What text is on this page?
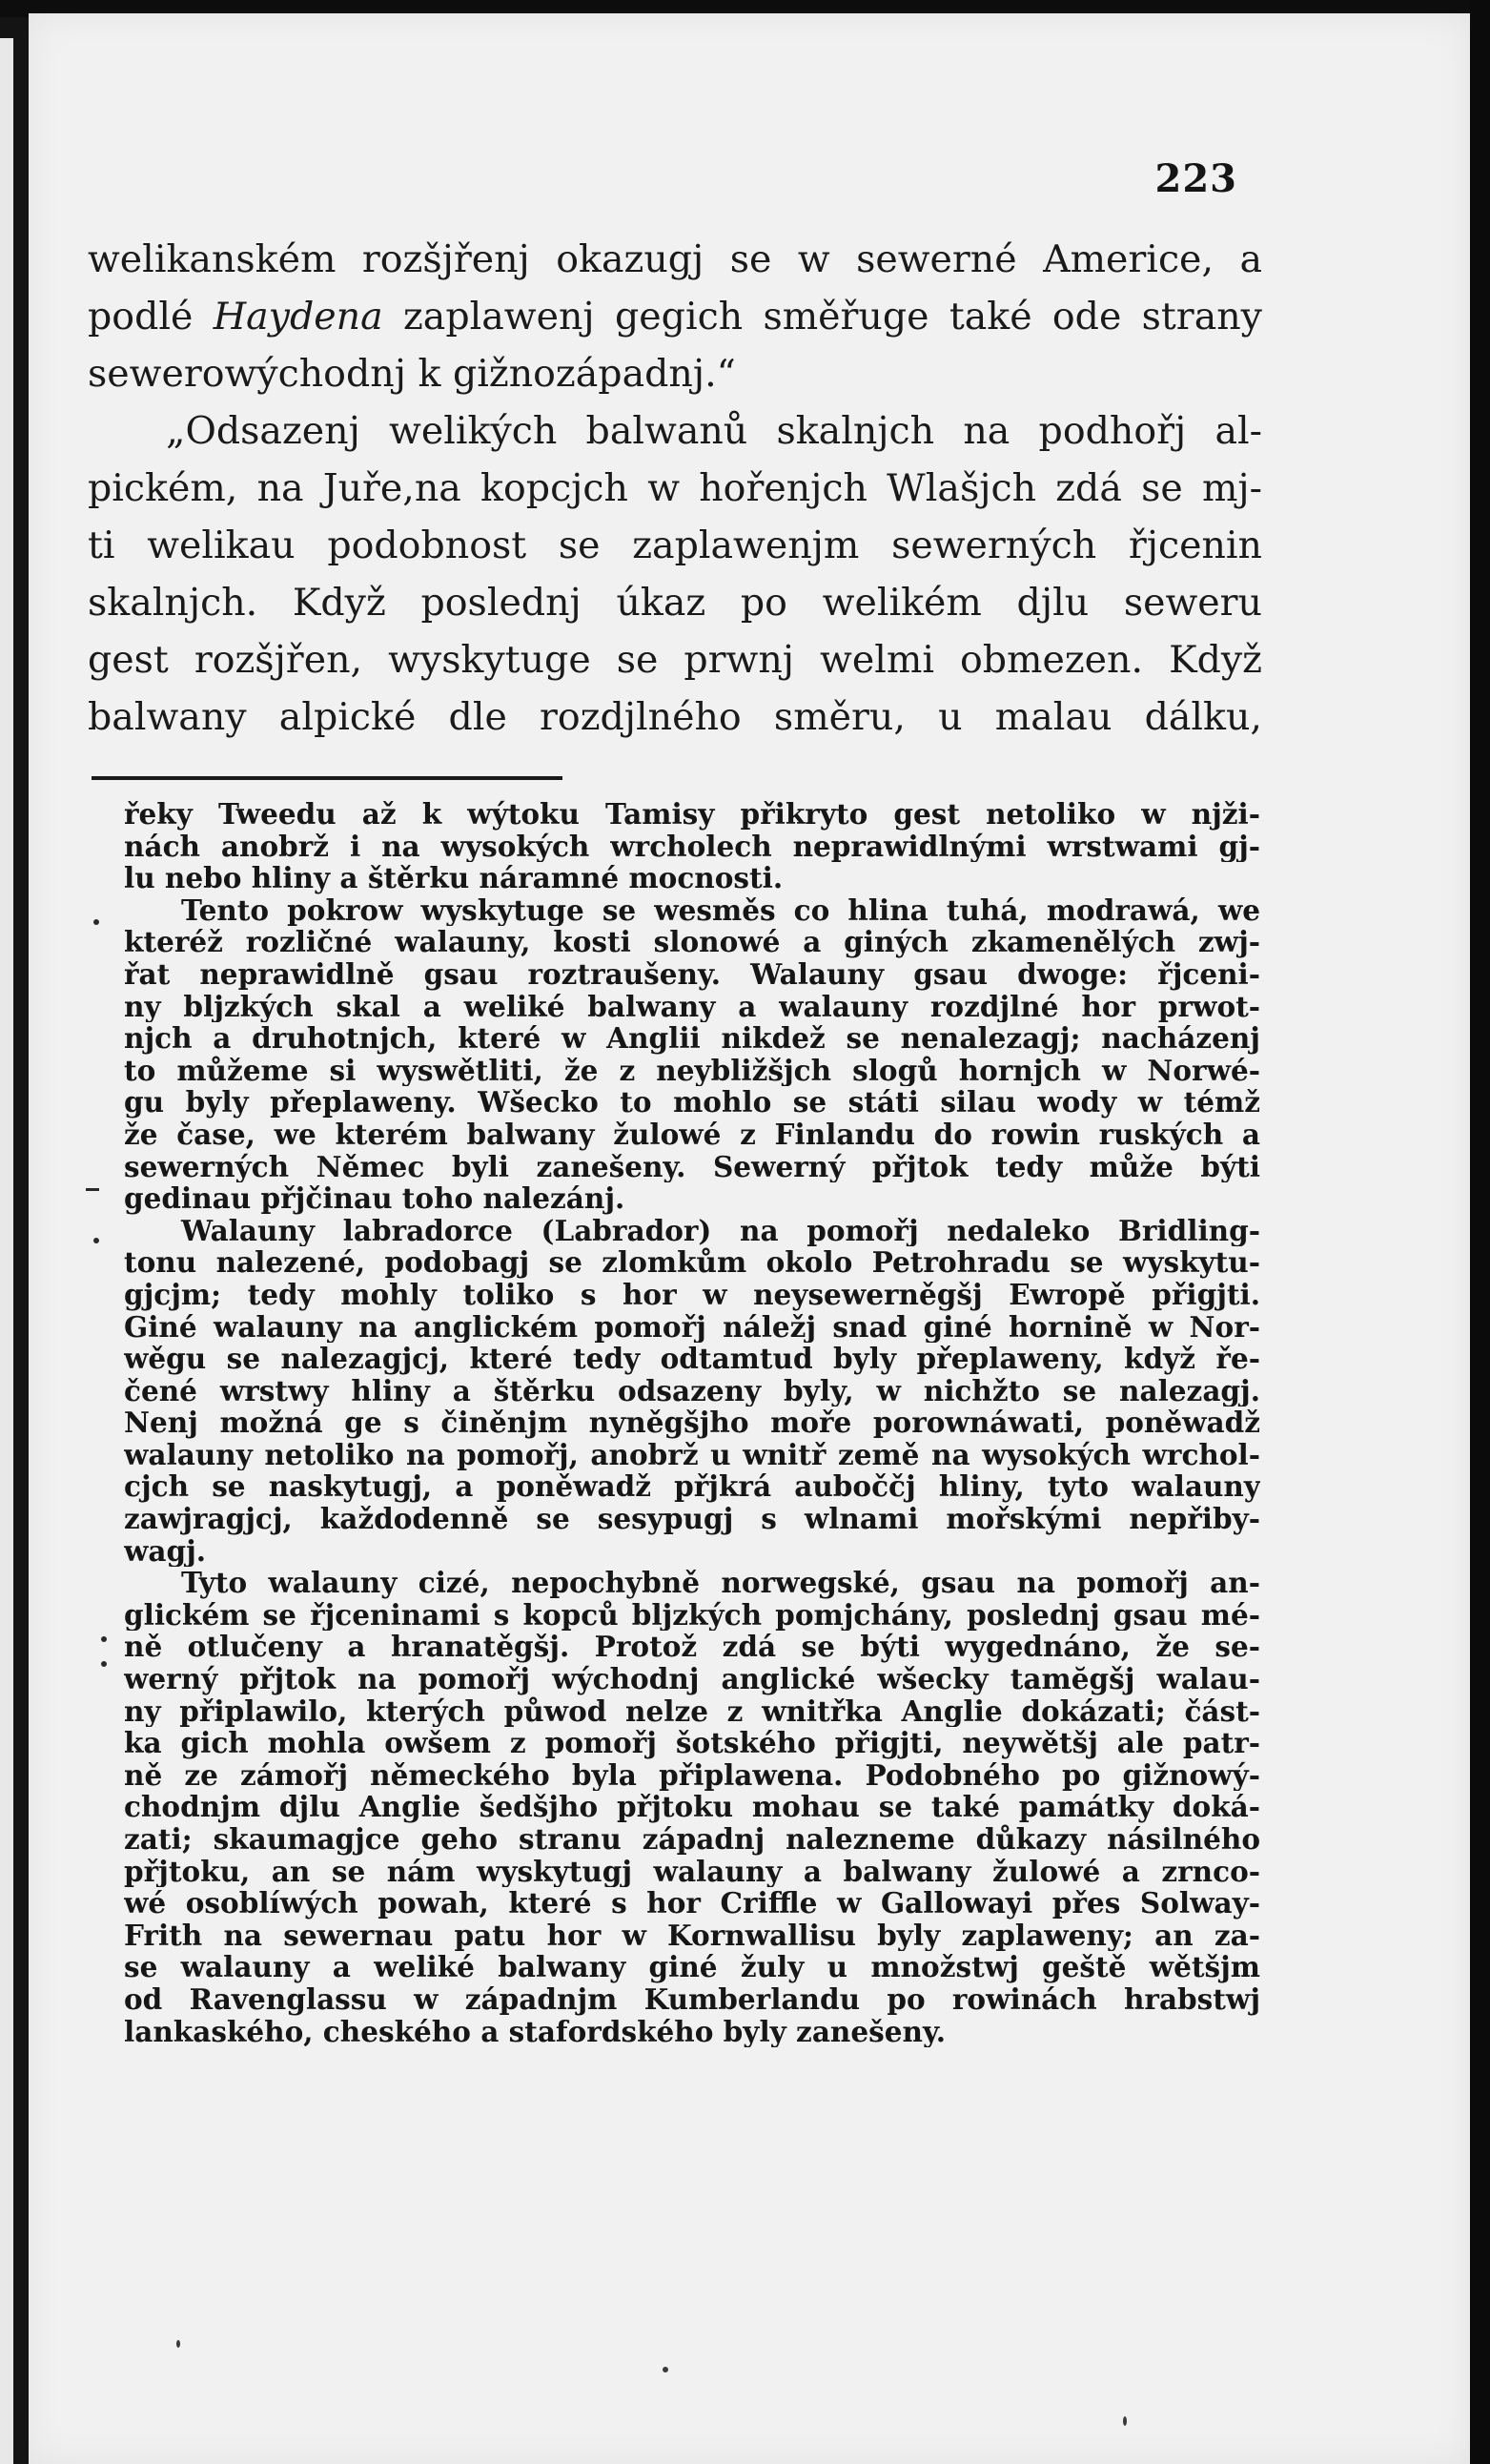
223
welikanském rozšjřenj okazugj se w sewerné Americe, a
podlé Haydena zaplawenj gegich směřuge také ode strany
sewerowýchodnj k gižnozápadnj.“
„Odsazenj welikých balwanů skalnjch na podhořj al-
pickém, na Juře,na kopcjch w hořenjch Wlašjch zdá se mj-
ti welikau podobnost se zaplawenjm sewerných řjcenin
skalnjch. Když poslednj úkaz po welikém djlu seweru
gest rozšjřen, wyskytuge se prwnj welmi obmezen. Když
balwany alpické dle rozdjlného směru, u malau dálku,
řeky Tweedu až k wýtoku Tamisy přikryto gest netoliko w njži-
nách anobrž i na wysokých wrcholech neprawidlnými wrstwami gj-
lu nebo hliny a štěrku náramné mocnosti.
Tento pokrow wyskytuge se wesměs co hlina tuhá, modrawá, we
kteréž rozličné walauny, kosti slonowé a giných zkamenělých zwj-
řat neprawidlně gsau roztraušeny. Walauny gsau dwoge: řjceni-
ny bljzkých skal a weliké balwany a walauny rozdjlné hor prwot-
njch a druhotnjch, které w Anglii nikdež se nenalezagj; nacházenj
to můžeme si wyswětliti, že z neybližšjch slogů hornjch w Norwé-
gu byly přeplaweny. Wšecko to mohlo se státi silau wody w témž
že čase, we kterém balwany žulowé z Finlandu do rowin ruských a
sewerných Němec byli zanešeny. Sewerný přjtok tedy může býti
gedinau přjčinau toho nalezánj.
Walauny labradorce (Labrador) na pomořj nedaleko Bridling-
tonu nalezené, podobagj se zlomkům okolo Petrohradu se wyskytu-
gjcjm; tedy mohly toliko s hor w neysewerněgšj Ewropě přigjti.
Giné walauny na anglickém pomořj náležj snad giné hornině w Nor-
wěgu se nalezagjcj, které tedy odtamtud byly přeplaweny, když ře-
čené wrstwy hliny a štěrku odsazeny byly, w nichžto se nalezagj.
Nenj možná ge s činěnjm nyněgšjho moře porownáwati, poněwadž
walauny netoliko na pomořj, anobrž u wnitř země na wysokých wrchol-
cjch se naskytugj, a poněwadž přjkrá auboččj hliny, tyto walauny
zawjragjcj, každodenně se sesypugj s wlnami mořskými nepřiby-
wagj.
Tyto walauny cizé, nepochybně norwegské, gsau na pomořj an-
glickém se řjceninami s kopců bljzkých pomjchány, poslednj gsau mé-
ně otlučeny a hranatěgšj. Protož zdá se býti wygednáno, že se-
werný přjtok na pomořj wýchodnj anglické wšecky tamĕgšj walau-
ny připlawilo, kterých půwod nelze z wnitřka Anglie dokázati; část-
ka gich mohla owšem z pomořj šotského přigjti, neywětšj ale patr-
ně ze zámořj německého byla připlawena. Podobného po gižnowý-
chodnjm djlu Anglie šedšjho přjtoku mohau se také památky doká-
zati; skaumagjce geho stranu západnj nalezneme důkazy násilného
přjtoku, an se nám wyskytugj walauny a balwany žulowé a zrnco-
wé osoblíwých powah, které s hor Criffle w Gallowayi přes Solway-
Frith na sewernau patu hor w Kornwallisu byly zaplaweny; an za-
se walauny a weliké balwany giné žuly u množstwj geště wětšjm
od Ravenglassu w západnjm Kumberlandu po rowinách hrabstwj
lankaského, cheského a stafordského byly zanešeny.
